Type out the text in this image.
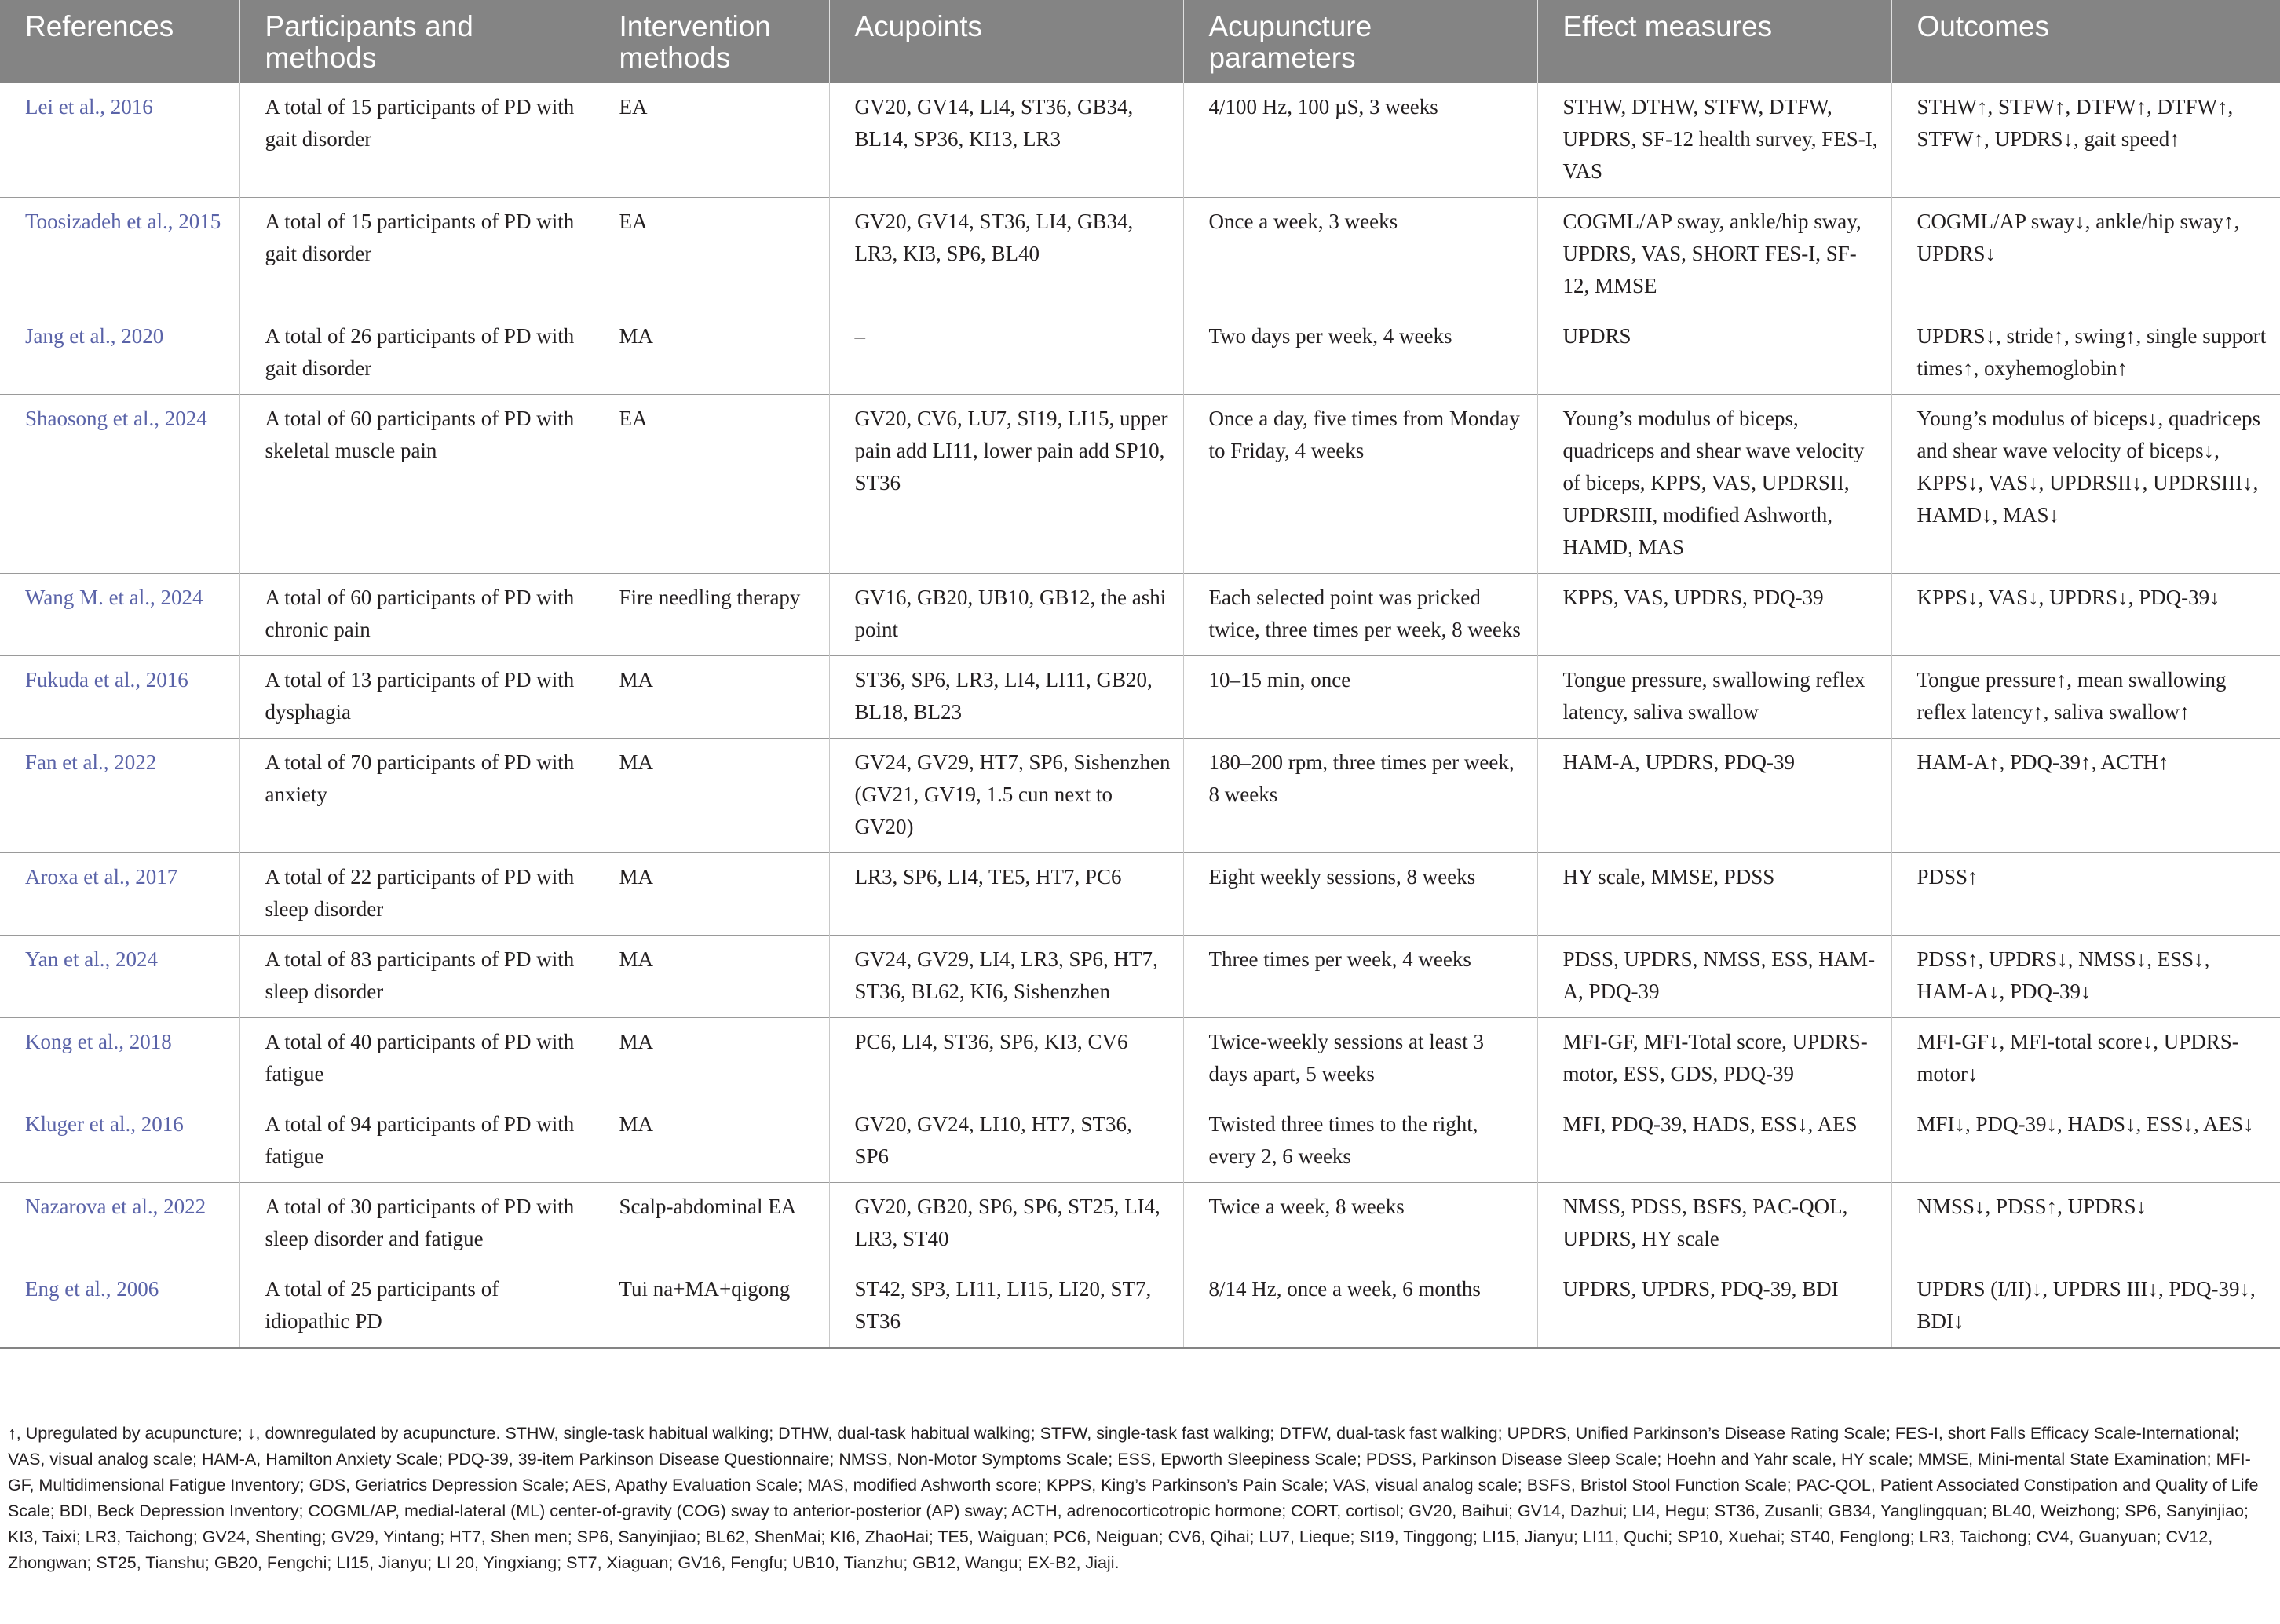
References	Participants and methods	Intervention methods	Acupoints	Acupuncture parameters	Effect measures	Outcomes
Lei et al., 2016	A total of 15 participants of PD with gait disorder	EA	GV20, GV14, LI4, ST36, GB34, BL14, SP36, KI13, LR3	4/100 Hz, 100 µS, 3 weeks	STHW, DTHW, STFW, DTFW, UPDRS, SF-12 health survey, FES-I, VAS	STHW↑, STFW↑, DTFW↑, DTFW↑, STFW↑, UPDRS↓, gait speed↑
Toosizadeh et al., 2015	A total of 15 participants of PD with gait disorder	EA	GV20, GV14, ST36, LI4, GB34, LR3, KI3, SP6, BL40	Once a week, 3 weeks	COGML/AP sway, ankle/hip sway, UPDRS, VAS, SHORT FES-I, SF-12, MMSE	COGML/AP sway↓, ankle/hip sway↑, UPDRS↓
Jang et al., 2020	A total of 26 participants of PD with gait disorder	MA	–	Two days per week, 4 weeks	UPDRS	UPDRS↓, stride↑, swing↑, single support times↑, oxyhemoglobin↑
Shaosong et al., 2024	A total of 60 participants of PD with skeletal muscle pain	EA	GV20, CV6, LU7, SI19, LI15, upper pain add LI11, lower pain add SP10, ST36	Once a day, five times from Monday to Friday, 4 weeks	Young’s modulus of biceps, quadriceps and shear wave velocity of biceps, KPPS, VAS, UPDRSII, UPDRSIII, modified Ashworth, HAMD, MAS	Young’s modulus of biceps↓, quadriceps and shear wave velocity of biceps↓, KPPS↓, VAS↓, UPDRSII↓, UPDRSIII↓, HAMD↓, MAS↓
Wang M. et al., 2024	A total of 60 participants of PD with chronic pain	Fire needling therapy	GV16, GB20, UB10, GB12, the ashi point	Each selected point was pricked twice, three times per week, 8 weeks	KPPS, VAS, UPDRS, PDQ-39	KPPS↓, VAS↓, UPDRS↓, PDQ-39↓
Fukuda et al., 2016	A total of 13 participants of PD with dysphagia	MA	ST36, SP6, LR3, LI4, LI11, GB20, BL18, BL23	10–15 min, once	Tongue pressure, swallowing reflex latency, saliva swallow	Tongue pressure↑, mean swallowing reflex latency↑, saliva swallow↑
Fan et al., 2022	A total of 70 participants of PD with anxiety	MA	GV24, GV29, HT7, SP6, Sishenzhen (GV21, GV19, 1.5 cun next to GV20)	180–200 rpm, three times per week, 8 weeks	HAM-A, UPDRS, PDQ-39	HAM-A↑, PDQ-39↑, ACTH↑
Aroxa et al., 2017	A total of 22 participants of PD with sleep disorder	MA	LR3, SP6, LI4, TE5, HT7, PC6	Eight weekly sessions, 8 weeks	HY scale, MMSE, PDSS	PDSS↑
Yan et al., 2024	A total of 83 participants of PD with sleep disorder	MA	GV24, GV29, LI4, LR3, SP6, HT7, ST36, BL62, KI6, Sishenzhen	Three times per week, 4 weeks	PDSS, UPDRS, NMSS, ESS, HAM-A, PDQ-39	PDSS↑, UPDRS↓, NMSS↓, ESS↓, HAM-A↓, PDQ-39↓
Kong et al., 2018	A total of 40 participants of PD with fatigue	MA	PC6, LI4, ST36, SP6, KI3, CV6	Twice-weekly sessions at least 3 days apart, 5 weeks	MFI-GF, MFI-Total score, UPDRS-motor, ESS, GDS, PDQ-39	MFI-GF↓, MFI-total score↓, UPDRS-motor↓
Kluger et al., 2016	A total of 94 participants of PD with fatigue	MA	GV20, GV24, LI10, HT7, ST36, SP6	Twisted three times to the right, every 2, 6 weeks	MFI, PDQ-39, HADS, ESS↓, AES	MFI↓, PDQ-39↓, HADS↓, ESS↓, AES↓
Nazarova et al., 2022	A total of 30 participants of PD with sleep disorder and fatigue	Scalp-abdominal EA	GV20, GB20, SP6, SP6, ST25, LI4, LR3, ST40	Twice a week, 8 weeks	NMSS, PDSS, BSFS, PAC-QOL, UPDRS, HY scale	NMSS↓, PDSS↑, UPDRS↓
Eng et al., 2006	A total of 25 participants of idiopathic PD	Tui na+MA+qigong	ST42, SP3, LI11, LI15, LI20, ST7, ST36	8/14 Hz, once a week, 6 months	UPDRS, UPDRS, PDQ-39, BDI	UPDRS (I/II)↓, UPDRS III↓, PDQ-39↓, BDI↓

↑, Upregulated by acupuncture; ↓, downregulated by acupuncture. STHW, single-task habitual walking; DTHW, dual-task habitual walking; STFW, single-task fast walking; DTFW, dual-task fast walking; UPDRS, Unified Parkinson’s Disease Rating Scale; FES-I, short Falls Efficacy Scale-International; VAS, visual analog scale; HAM-A, Hamilton Anxiety Scale; PDQ-39, 39-item Parkinson Disease Questionnaire; NMSS, Non-Motor Symptoms Scale; ESS, Epworth Sleepiness Scale; PDSS, Parkinson Disease Sleep Scale; Hoehn and Yahr scale, HY scale; MMSE, Mini-mental State Examination; MFI-GF, Multidimensional Fatigue Inventory; GDS, Geriatrics Depression Scale; AES, Apathy Evaluation Scale; MAS, modified Ashworth score; KPPS, King’s Parkinson’s Pain Scale; VAS, visual analog scale; BSFS, Bristol Stool Function Scale; PAC-QOL, Patient Associated Constipation and Quality of Life Scale; BDI, Beck Depression Inventory; COGML/AP, medial-lateral (ML) center-of-gravity (COG) sway to anterior-posterior (AP) sway; ACTH, adrenocorticotropic hormone; CORT, cortisol; GV20, Baihui; GV14, Dazhui; LI4, Hegu; ST36, Zusanli; GB34, Yanglingquan; BL40, Weizhong; SP6, Sanyinjiao; KI3, Taixi; LR3, Taichong; GV24, Shenting; GV29, Yintang; HT7, Shen men; SP6, Sanyinjiao; BL62, ShenMai; KI6, ZhaoHai; TE5, Waiguan; PC6, Neiguan; CV6, Qihai; LU7, Lieque; SI19, Tinggong; LI15, Jianyu; LI11, Quchi; SP10, Xuehai; ST40, Fenglong; LR3, Taichong; CV4, Guanyuan; CV12, Zhongwan; ST25, Tianshu; GB20, Fengchi; LI15, Jianyu; LI 20, Yingxiang; ST7, Xiaguan; GV16, Fengfu; UB10, Tianzhu; GB12, Wangu; EX-B2, Jiaji.
